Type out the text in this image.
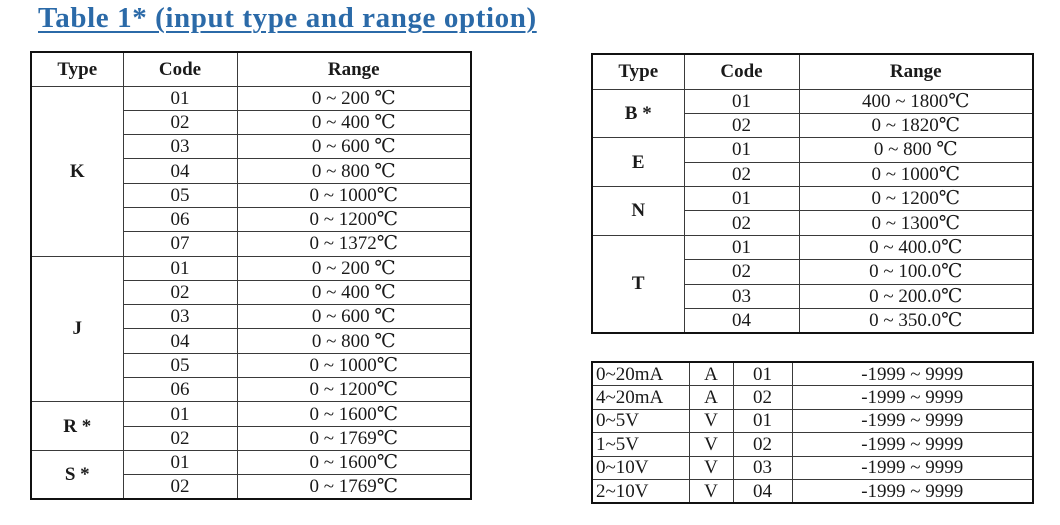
Table 1* (input type and range option)
Type	Code	Range
K	01	0 ~ 200 ℃
	02	0 ~ 400 ℃
	03	0 ~ 600 ℃
	04	0 ~ 800 ℃
	05	0 ~ 1000℃
	06	0 ~ 1200℃
	07	0 ~ 1372℃
J	01	0 ~ 200 ℃
	02	0 ~ 400 ℃
	03	0 ~ 600 ℃
	04	0 ~ 800 ℃
	05	0 ~ 1000℃
	06	0 ~ 1200℃
R *	01	0 ~ 1600℃
	02	0 ~ 1769℃
S *	01	0 ~ 1600℃
	02	0 ~ 1769℃
Type	Code	Range
B *	01	400 ~ 1800℃
	02	0 ~ 1820℃
E	01	0 ~ 800 ℃
	02	0 ~ 1000℃
N	01	0 ~ 1200℃
	02	0 ~ 1300℃
T	01	0 ~ 400.0℃
	02	0 ~ 100.0℃
	03	0 ~ 200.0℃
	04	0 ~ 350.0℃
0~20mA	A	01	-1999 ~ 9999
4~20mA	A	02	-1999 ~ 9999
0~5V	V	01	-1999 ~ 9999
1~5V	V	02	-1999 ~ 9999
0~10V	V	03	-1999 ~ 9999
2~10V	V	04	-1999 ~ 9999
